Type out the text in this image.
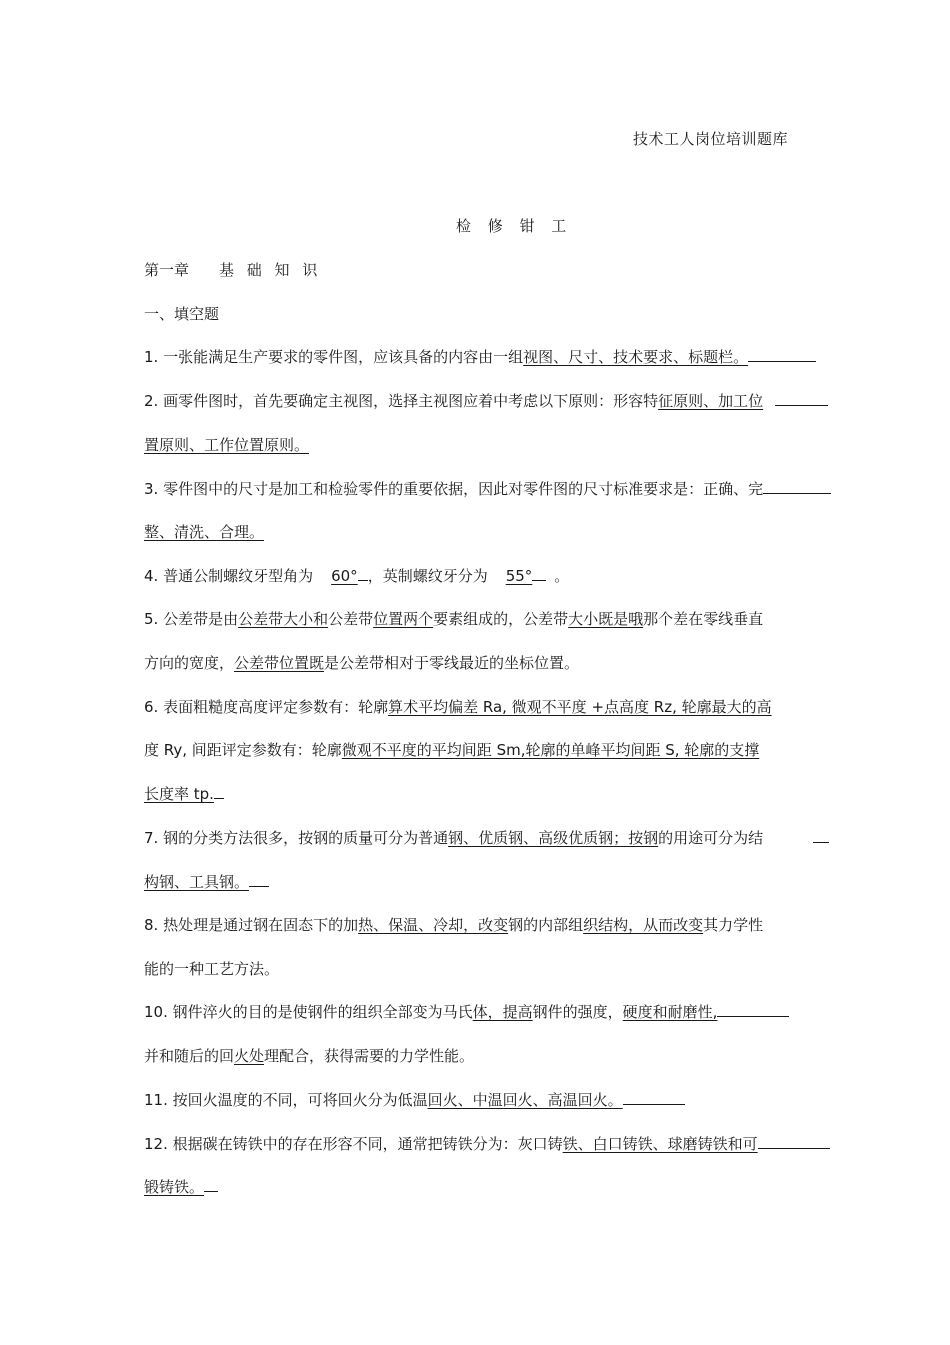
技术工人岗位培训题库
检 修 钳 工
第一章 基 础 知 识
一、填空题
1. 一张能满足生产要求的零件图，应该具备的内容由一组视图、尺寸、技术要求、标题栏。
2. 画零件图时，首先要确定主视图，选择主视图应着中考虑以下原则：形容特征原则、加工位
置原则、工作位置原则。
3. 零件图中的尺寸是加工和检验零件的重要依据，因此对零件图的尺寸标准要求是：正确、完
整、清洗、合理。
4. 普通公制螺纹牙型角为 60° ，英制螺纹牙分为 55° 。
5. 公差带是由公差带大小和公差带位置两个要素组成的，公差带大小既是哦那个差在零线垂直
方向的宽度，公差带位置既是公差带相对于零线最近的坐标位置。
6. 表面粗糙度高度评定参数有：轮廓算术平均偏差 Ra, 微观不平度 +点高度 Rz, 轮廓最大的高
度 Ry, 间距评定参数有：轮廓微观不平度的平均间距 Sm,轮廓的单峰平均间距 S, 轮廓的支撑
长度率 tp.
7. 钢的分类方法很多，按钢的质量可分为普通钢、优质钢、高级优质钢；按钢的用途可分为结
构钢、工具钢。
8. 热处理是通过钢在固态下的加热、保温、冷却，改变钢的内部组织结构，从而改变其力学性
能的一种工艺方法。
10. 钢件淬火的目的是使钢件的组织全部变为马氏体，提高钢件的强度，硬度和耐磨性,
并和随后的回火处理配合，获得需要的力学性能。
11. 按回火温度的不同，可将回火分为低温回火、中温回火、高温回火。
12. 根据碳在铸铁中的存在形容不同，通常把铸铁分为：灰口铸铁、白口铸铁、球磨铸铁和可
锻铸铁。
